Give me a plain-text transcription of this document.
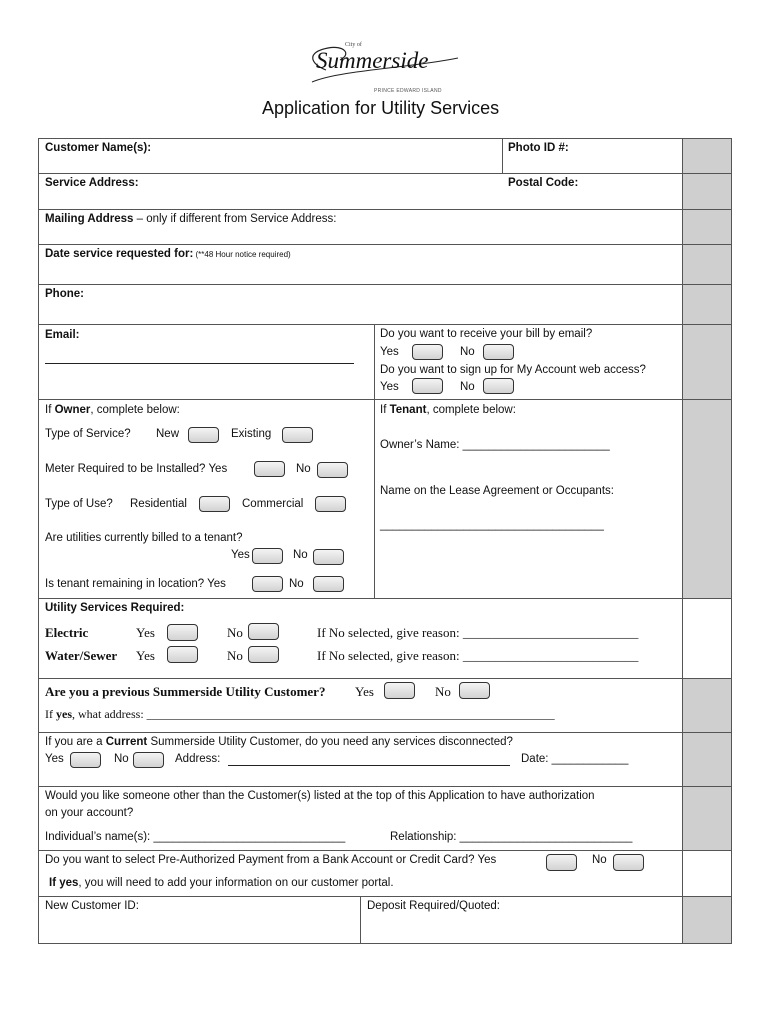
City of
Summerside
PRINCE EDWARD ISLAND
Application for Utility Services
Customer Name(s):	Photo ID #:
Service Address:	Postal Code:
Mailing Address – only if different from Service Address:
Date service requested for: (**48 Hour notice required)
Phone:
Email:	Do you want to receive your bill by email?
Yes	No
Do you want to sign up for My Account web access?
Yes	No
If Owner, complete below:
Type of Service? New	Existing
Meter Required to be Installed? Yes	No
Type of Use? Residential	Commercial
Are utilities currently billed to a tenant?
Yes	No
Is tenant remaining in location? Yes	No
If Tenant, complete below:
Owner’s Name: _______________________
Name on the Lease Agreement or Occupants:
___________________________________
Utility Services Required:
Electric	Yes	No	If No selected, give reason: ___________________________
Water/Sewer Yes	No	If No selected, give reason: ___________________________
Are you a previous Summerside Utility Customer? Yes	No
If yes, what address: ____________________________________________________________________
If you are a Current Summerside Utility Customer, do you need any services disconnected?
Yes	No	Address:	Date: ____________
Would you like someone other than the Customer(s) listed at the top of this Application to have authorization
on your account?
Individual’s name(s): ______________________________	Relationship: ___________________________
Do you want to select Pre-Authorized Payment from a Bank Account or Credit Card? Yes	No
If yes, you will need to add your information on our customer portal.
New Customer ID:	Deposit Required/Quoted:
